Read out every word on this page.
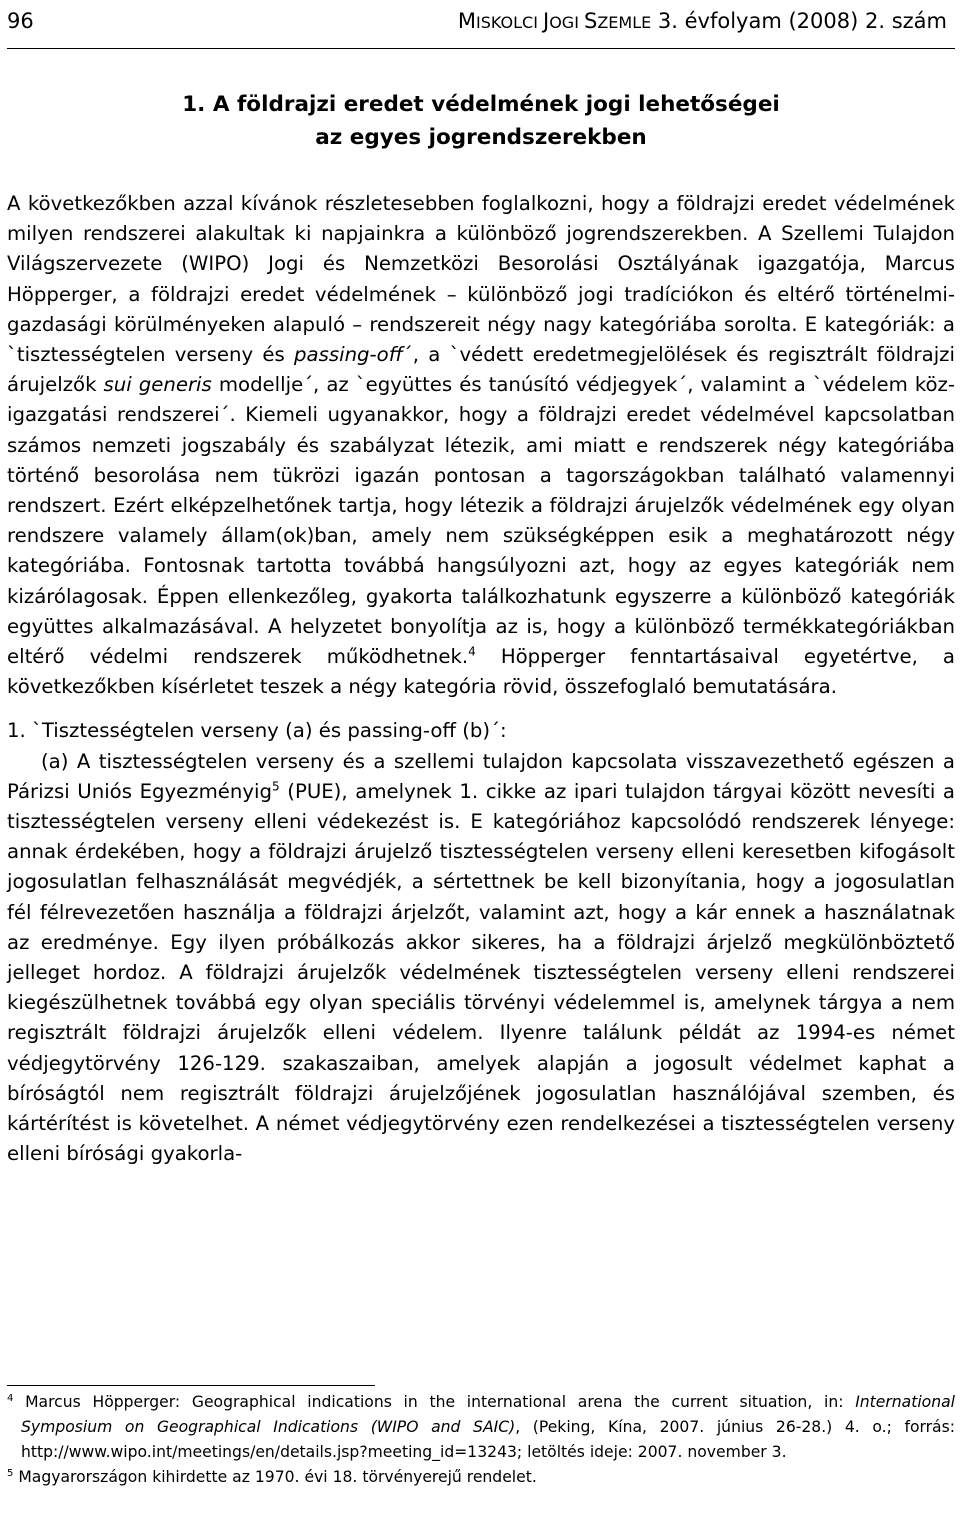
96	MISKOLCI JOGI SZEMLE 3. évfolyam (2008) 2. szám
1. A földrajzi eredet védelmének jogi lehetőségei
az egyes jogrendszerekben

A következőkben azzal kívánok részletesebben foglalkozni, hogy a földrajzi eredet védelmének milyen rendszerei alakultak ki napjainkra a különböző jogrendszerekben. A Szellemi Tulajdon Világszervezete (WIPO) Jogi és Nemzetközi Besorolási Osztályának igazgatója, Marcus Höpperger, a földrajzi eredet védelmének – különböző jogi tradíciókon és eltérő történelmi-gazdasági körülményeken alapuló – rendszereit négy nagy kategóriába sorolta. E kategóriák: a `tisztességtelen verseny és passing-off´, a `védett eredetmegjelölések és regisztrált földrajzi árujelzők sui generis modellje´, az `együttes és tanúsító védjegyek´, valamint a `védelem közigazgatási rendszerei´. Kiemeli ugyanakkor, hogy a földrajzi eredet védelmével kapcsolatban számos nemzeti jogszabály és szabályzat létezik, ami miatt e rendszerek négy kategóriába történő besorolása nem tükrözi igazán pontosan a tagországokban található valamennyi rendszert. Ezért elképzelhetőnek tartja, hogy létezik a földrajzi árujelzők védelmének egy olyan rendszere valamely állam(ok)ban, amely nem szükségképpen esik a meghatározott négy kategóriába. Fontosnak tartotta továbbá hangsúlyozni azt, hogy az egyes kategóriák nem kizárólagosak. Éppen ellenkezőleg, gyakorta találkozhatunk egyszerre a különböző kategóriák együttes alkalmazásával. A helyzetet bonyolítja az is, hogy a különböző termékkategóriákban eltérő védelmi rendszerek működhetnek.$^4$ Höpperger fenntartásaival egyetértve, a következőkben kísérletet teszek a négy kategória rövid, összefoglaló bemutatására.

1. `Tisztességtelen verseny (a) és passing-off (b)´:

(a) A tisztességtelen verseny és a szellemi tulajdon kapcsolata visszavezethető egészen a Párizsi Uniós Egyezményig$^5$ (PUE), amelynek 1. cikke az ipari tulajdon tárgyai között nevesíti a tisztességtelen verseny elleni védekezést is. E kategóriához kapcsolódó rendszerek lényege: annak érdekében, hogy a földrajzi árujelző tisztességtelen verseny elleni keresetben kifogásolt jogosulatlan felhasználását megvédjék, a sértettnek be kell bizonyítania, hogy a jogosulatlan fél félrevezetően használja a földrajzi árjelzőt, valamint azt, hogy a kár ennek a használatnak az eredménye. Egy ilyen próbálkozás akkor sikeres, ha a földrajzi árjelző megkülönböztető jelleget hordoz. A földrajzi árujelzők védelmének tisztességtelen verseny elleni rendszerei kiegészülhetnek továbbá egy olyan speciális törvényi védelemmel is, amelynek tárgya a nem regisztrált földrajzi árujelzők elleni védelem. Ilyenre találunk példát az 1994-es német védjegytörvény 126-129. szakaszaiban, amelyek alapján a jogosult védelmet kaphat a bíróságtól nem regisztrált földrajzi árujelzőjének jogosulatlan használójával szemben, és kártérítést is követelhet. A német védjegytörvény ezen rendelkezései a tisztességtelen verseny elleni bírósági gyakorla-

$^4$ Marcus Höpperger: Geographical indications in the international arena the current situation, in: International Symposium on Geographical Indications (WIPO and SAIC), (Peking, Kína, 2007. június 26-28.) 4. o.; forrás: http://www.wipo.int/meetings/en/details.jsp?meeting_id=13243; letöltés ideje: 2007. november 3.

$^5$ Magyarországon kihirdette az 1970. évi 18. törvényerejű rendelet.
